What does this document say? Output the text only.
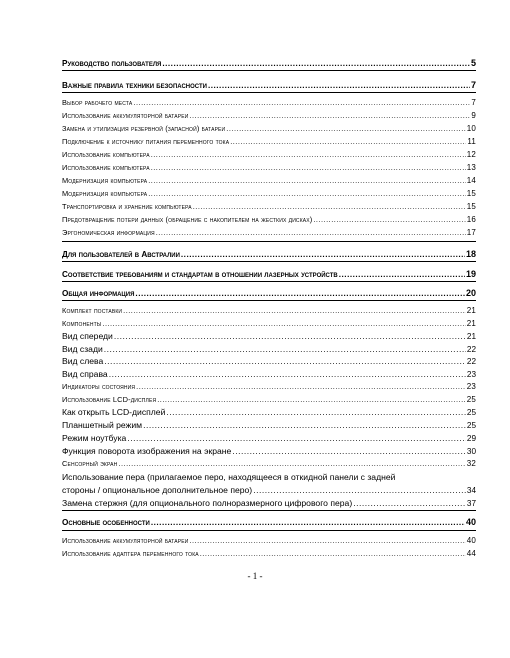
Руководство пользователя .....	5
Важные правила техники безопасности .....	7
Выбор рабочего места .....	7
Использование аккумуляторной батареи .....	9
Замена и утилизация резервной (запасной) батареи .....	10
Подключение к источнику питания переменного тока .....	11
Использование компьютера .....	12
Использование компьютера .....	13
Модернизация компьютера .....	14
Модернизация компьютера .....	15
Транспортировка и хранение компьютера .....	15
Предотвращение потери данных (обращение с накопителем на жестких дисках) .....	16
Эргономическая информация .....	17
Для пользователей в Австралии .....	18
Соответствие требованиям и стандартам в отношении лазерных устройств .....	19
Общая информация .....	20
Комплект поставки .....	21
Компоненты .....	21
Вид спереди .....	21
Вид сзади .....	22
Вид слева .....	22
Вид справа .....	23
Индикаторы состояния .....	23
Использование LCD-дисплея .....	25
Как открыть LCD-дисплей .....	25
Планшетный режим .....	25
Режим ноутбука .....	29
Функция поворота изображения на экране .....	30
Сенсорный экран .....	32
Использование пера (прилагаемое перо, находящееся в откидной панели с задней
стороны / опциональное дополнительное перо) .....	34
Замена стержня (для опционального полноразмерного цифрового пера) .....	37
Основные особенности .....	40
Использование аккумуляторной батареи .....	40
Использование адаптера переменного тока .....	44
- 1 -
